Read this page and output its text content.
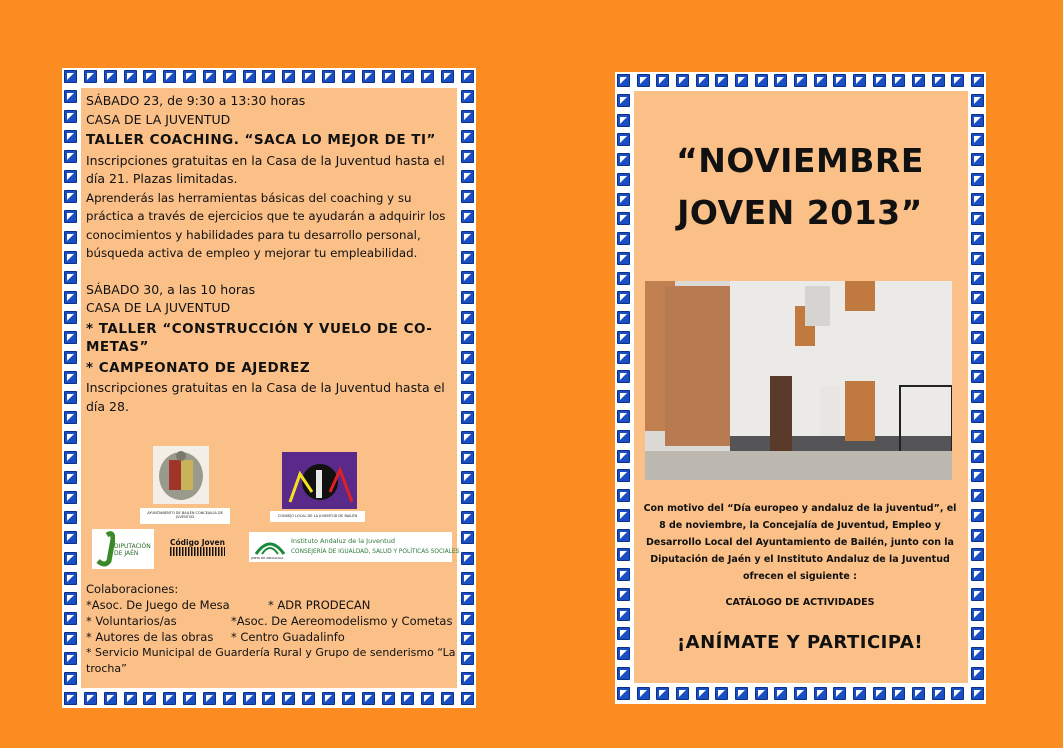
SÁBADO 23, de 9:30 a 13:30 horas

CASA DE LA JUVENTUD

TALLER COACHING. “SACA LO MEJOR DE TI”

Inscripciones gratuitas en la Casa de la Juventud hasta el día 21. Plazas limitadas.

Aprenderás las herramientas básicas del coaching y su práctica a través de ejercicios que te ayudarán a adquirir los conocimientos y habilidades para tu desarrollo personal, búsqueda activa de empleo y mejorar tu empleabilidad.

SÁBADO 30, a las 10 horas

CASA DE LA JUVENTUD

* TALLER “CONSTRUCCIÓN Y VUELO DE CO-METAS”

* CAMPEONATO DE AJEDREZ

Inscripciones gratuitas en la Casa de la Juventud hasta el día 28.

AYUNTAMIENTO DE BAILÉN CONCEJALÍA DE JUVENTUD	CONSEJO LOCAL DE LA JUVENTUD DE BAILÉN
DIPUTACIÓN DE JAÉN
Código Joven
JUNTA DE ANDALUCIA
Instituto Andaluz de la Juventud
CONSEJERÍA DE IGUALDAD, SALUD Y POLÍTICAS SOCIALES
Colaboraciones:
*Asoc. De Juego de Mesa	* ADR PRODECAN
* Voluntarios/as	*Asoc. De Aereomodelismo y Cometas
* Autores de las obras	* Centro Guadalinfo
* Servicio Municipal de Guardería Rural y Grupo de senderismo “La trocha”
“NOVIEMBRE
JOVEN 2013”
Con motivo del “Día europeo y andaluz de la juventud”, el 8 de noviembre, la Concejalía de Juventud, Empleo y Desarrollo Local del Ayuntamiento de Bailén, junto con la Diputación de Jaén y el Instituto Andaluz de la Juventud ofrecen el siguiente :
CATÁLOGO DE ACTIVIDADES
¡ANÍMATE Y PARTICIPA!
